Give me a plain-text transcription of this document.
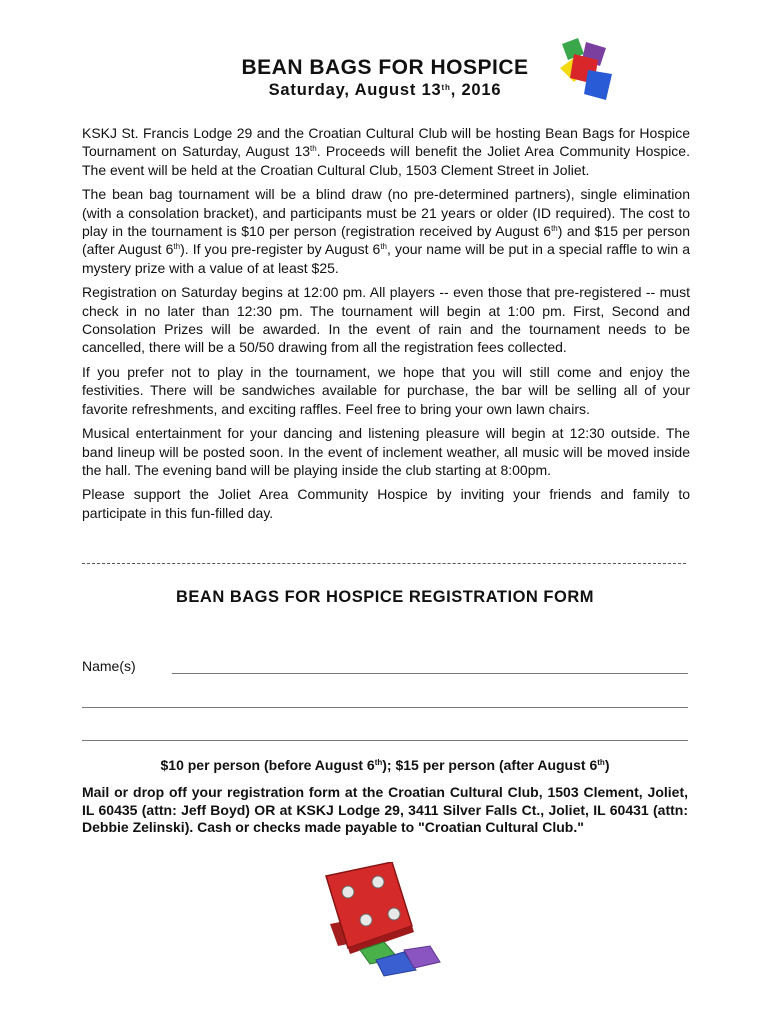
BEAN BAGS FOR HOSPICE
Saturday, August 13th, 2016

KSKJ St. Francis Lodge 29 and the Croatian Cultural Club will be hosting Bean Bags for Hospice Tournament on Saturday, August 13th. Proceeds will benefit the Joliet Area Community Hospice. The event will be held at the Croatian Cultural Club, 1503 Clement Street in Joliet.

The bean bag tournament will be a blind draw (no pre-determined partners), single elimination (with a consolation bracket), and participants must be 21 years or older (ID required). The cost to play in the tournament is $10 per person (registration received by August 6th) and $15 per person (after August 6th). If you pre-register by August 6th, your name will be put in a special raffle to win a mystery prize with a value of at least $25.

Registration on Saturday begins at 12:00 pm. All players -- even those that pre-registered -- must check in no later than 12:30 pm. The tournament will begin at 1:00 pm. First, Second and Consolation Prizes will be awarded. In the event of rain and the tournament needs to be cancelled, there will be a 50/50 drawing from all the registration fees collected.

If you prefer not to play in the tournament, we hope that you will still come and enjoy the festivities. There will be sandwiches available for purchase, the bar will be selling all of your favorite refreshments, and exciting raffles. Feel free to bring your own lawn chairs.

Musical entertainment for your dancing and listening pleasure will begin at 12:30 outside. The band lineup will be posted soon. In the event of inclement weather, all music will be moved inside the hall. The evening band will be playing inside the club starting at 8:00pm.

Please support the Joliet Area Community Hospice by inviting your friends and family to participate in this fun-filled day.

BEAN BAGS FOR HOSPICE REGISTRATION FORM
Name(s)
$10 per person (before August 6th); $15 per person (after August 6th)
Mail or drop off your registration form at the Croatian Cultural Club, 1503 Clement, Joliet, IL 60435 (attn: Jeff Boyd) OR at KSKJ Lodge 29, 3411 Silver Falls Ct., Joliet, IL 60431 (attn: Debbie Zelinski). Cash or checks made payable to "Croatian Cultural Club."
